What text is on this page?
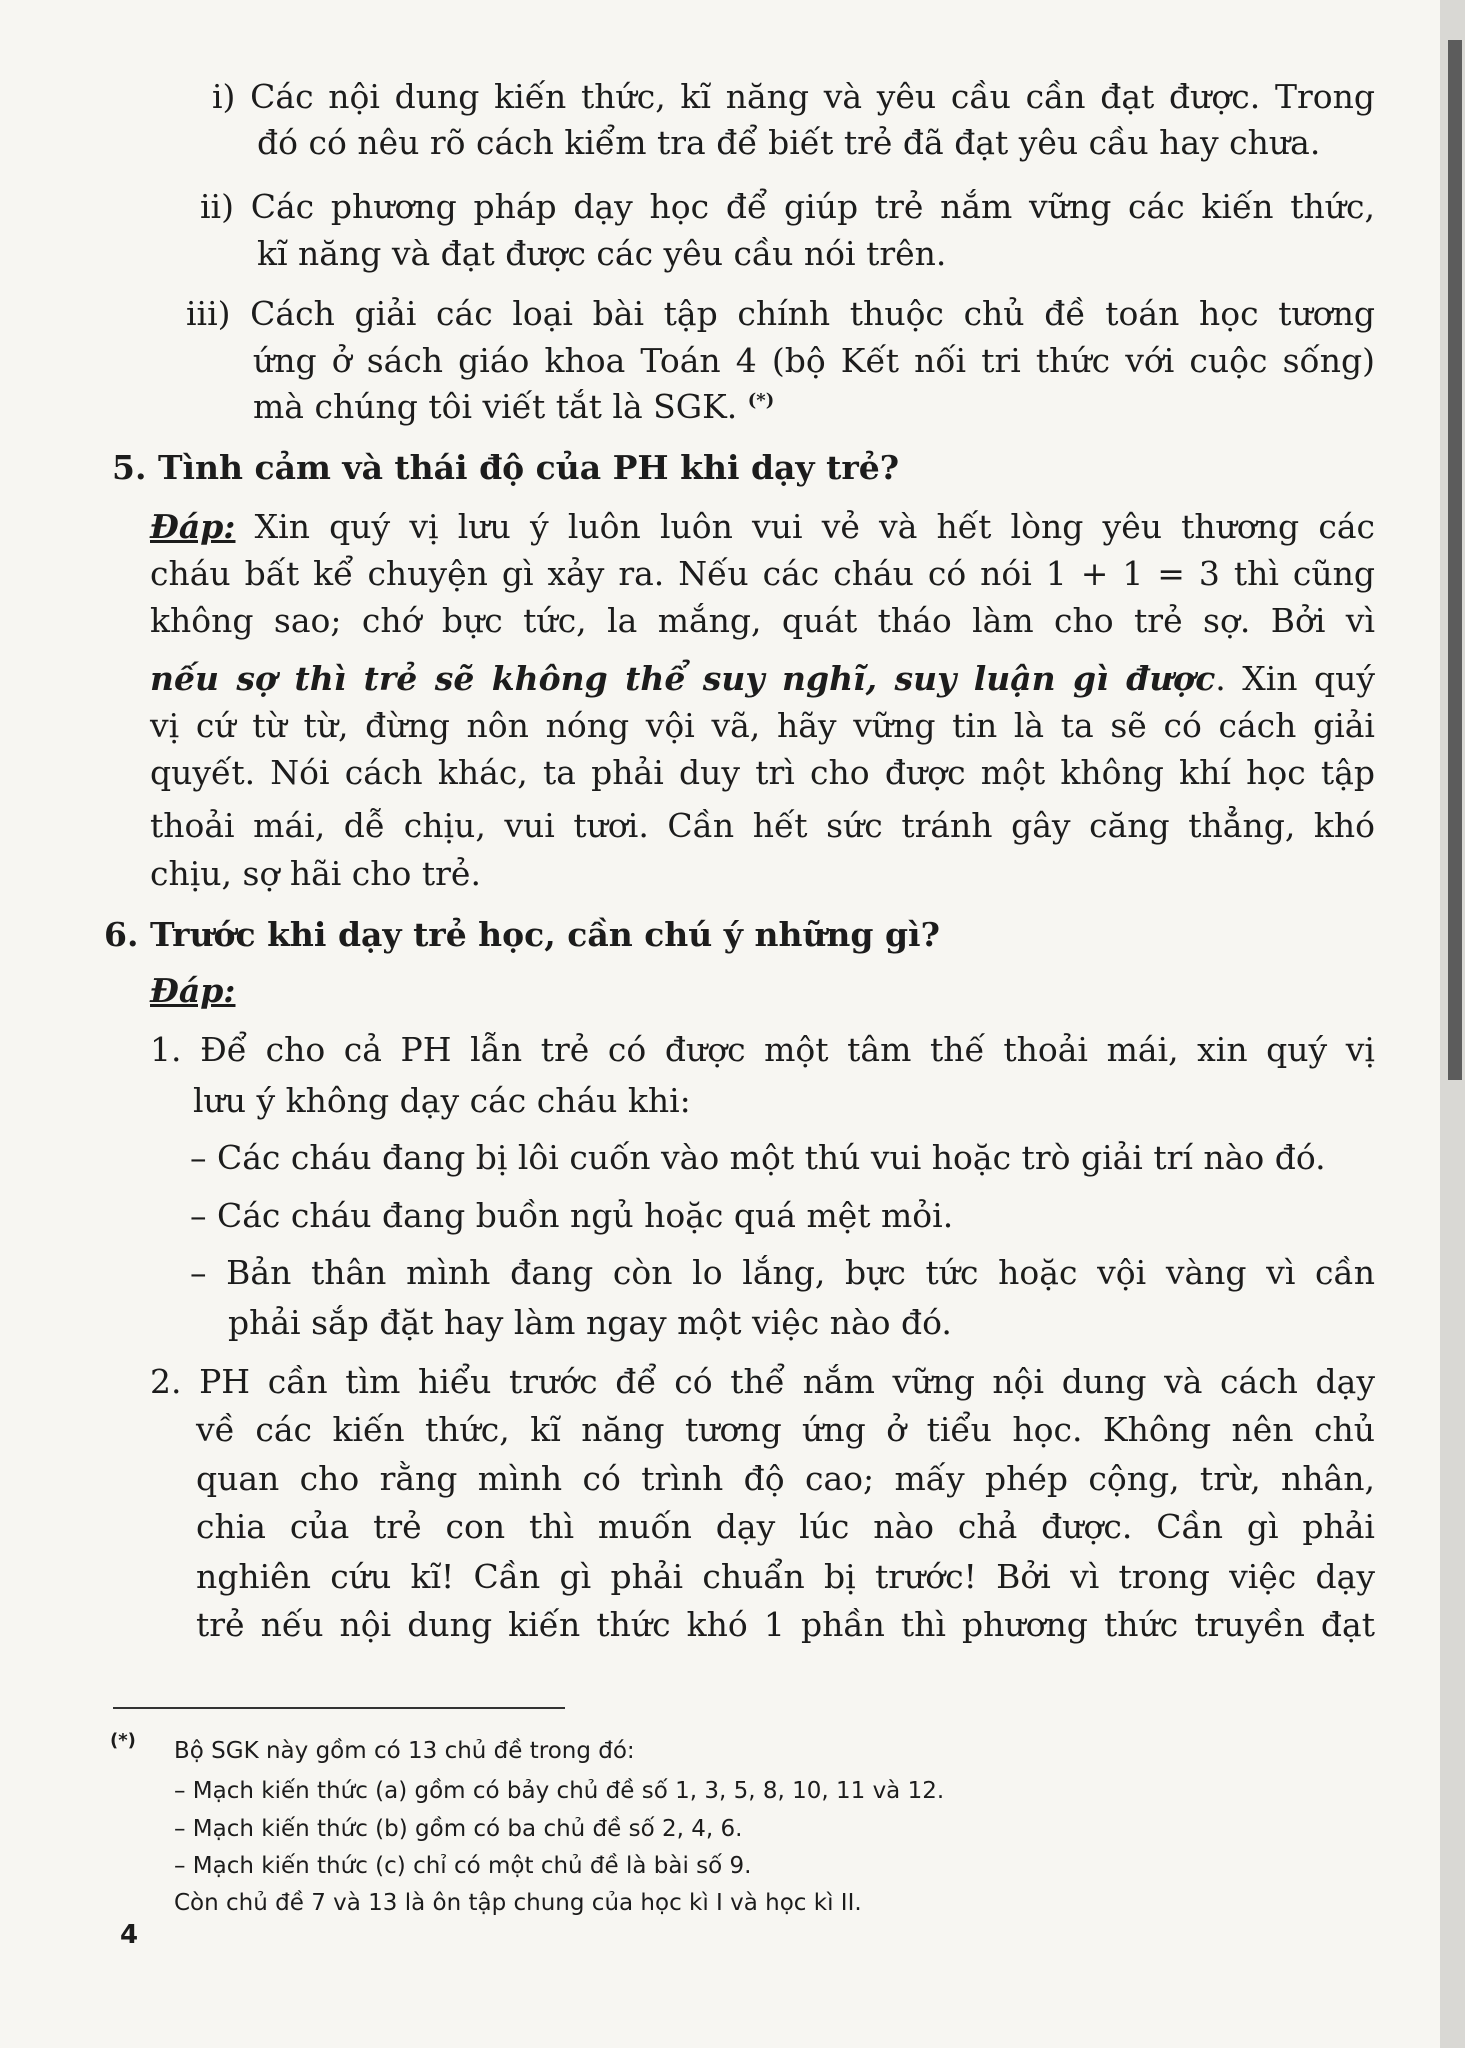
i) Các nội dung kiến thức, kĩ năng và yêu cầu cần đạt được. Trong
đó có nêu rõ cách kiểm tra để biết trẻ đã đạt yêu cầu hay chưa.
ii) Các phương pháp dạy học để giúp trẻ nắm vững các kiến thức,
kĩ năng và đạt được các yêu cầu nói trên.
iii) Cách giải các loại bài tập chính thuộc chủ đề toán học tương
ứng ở sách giáo khoa Toán 4 (bộ Kết nối tri thức với cuộc sống)
mà chúng tôi viết tắt là SGK. (*)
5. Tình cảm và thái độ của PH khi dạy trẻ?
Đáp: Xin quý vị lưu ý luôn luôn vui vẻ và hết lòng yêu thương các
cháu bất kể chuyện gì xảy ra. Nếu các cháu có nói 1 + 1 = 3 thì cũng
không sao; chớ bực tức, la mắng, quát tháo làm cho trẻ sợ. Bởi vì
nếu sợ thì trẻ sẽ không thể suy nghĩ, suy luận gì được. Xin quý
vị cứ từ từ, đừng nôn nóng vội vã, hãy vững tin là ta sẽ có cách giải
quyết. Nói cách khác, ta phải duy trì cho được một không khí học tập
thoải mái, dễ chịu, vui tươi. Cần hết sức tránh gây căng thẳng, khó
chịu, sợ hãi cho trẻ.
6. Trước khi dạy trẻ học, cần chú ý những gì?
Đáp:
1. Để cho cả PH lẫn trẻ có được một tâm thế thoải mái, xin quý vị
lưu ý không dạy các cháu khi:
– Các cháu đang bị lôi cuốn vào một thú vui hoặc trò giải trí nào đó.
– Các cháu đang buồn ngủ hoặc quá mệt mỏi.
– Bản thân mình đang còn lo lắng, bực tức hoặc vội vàng vì cần
phải sắp đặt hay làm ngay một việc nào đó.
2. PH cần tìm hiểu trước để có thể nắm vững nội dung và cách dạy
về các kiến thức, kĩ năng tương ứng ở tiểu học. Không nên chủ
quan cho rằng mình có trình độ cao; mấy phép cộng, trừ, nhân,
chia của trẻ con thì muốn dạy lúc nào chả được. Cần gì phải
nghiên cứu kĩ! Cần gì phải chuẩn bị trước! Bởi vì trong việc dạy
trẻ nếu nội dung kiến thức khó 1 phần thì phương thức truyền đạt
(*) Bộ SGK này gồm có 13 chủ đề trong đó:
– Mạch kiến thức (a) gồm có bảy chủ đề số 1, 3, 5, 8, 10, 11 và 12.
– Mạch kiến thức (b) gồm có ba chủ đề số 2, 4, 6.
– Mạch kiến thức (c) chỉ có một chủ đề là bài số 9.
Còn chủ đề 7 và 13 là ôn tập chung của học kì I và học kì II.
4
